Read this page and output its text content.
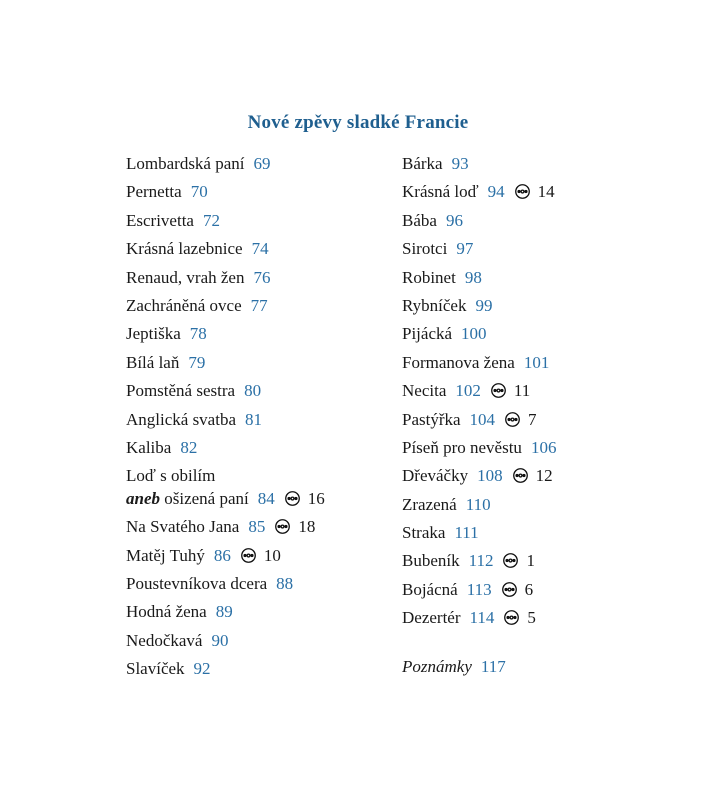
Nové zpěvy sladké Francie
Lombardská paní 69
Pernetta 70
Escrivetta 72
Krásná lazebnice 74
Renaud, vrah žen 76
Zachráněná ovce 77
Jeptiška 78
Bílá laň 79
Pomstěná sestra 80
Anglická svatba 81
Kaliba 82
Loď s obilím
aneb ošizená paní 84 16
Na Svatého Jana 85 18
Matěj Tuhý 86 10
Poustevníkova dcera 88
Hodná žena 89
Nedočkavá 90
Slavíček 92
Bárka 93
Krásná loď 94 14
Bába 96
Sirotci 97
Robinet 98
Rybníček 99
Pijácká 100
Formanova žena 101
Necita 102 11
Pastýřka 104 7
Píseň pro nevěstu 106
Dřeváčky 108 12
Zrazená 110
Straka 111
Bubeník 112 1
Bojácná 113 6
Dezertér 114 5
Poznámky 117
